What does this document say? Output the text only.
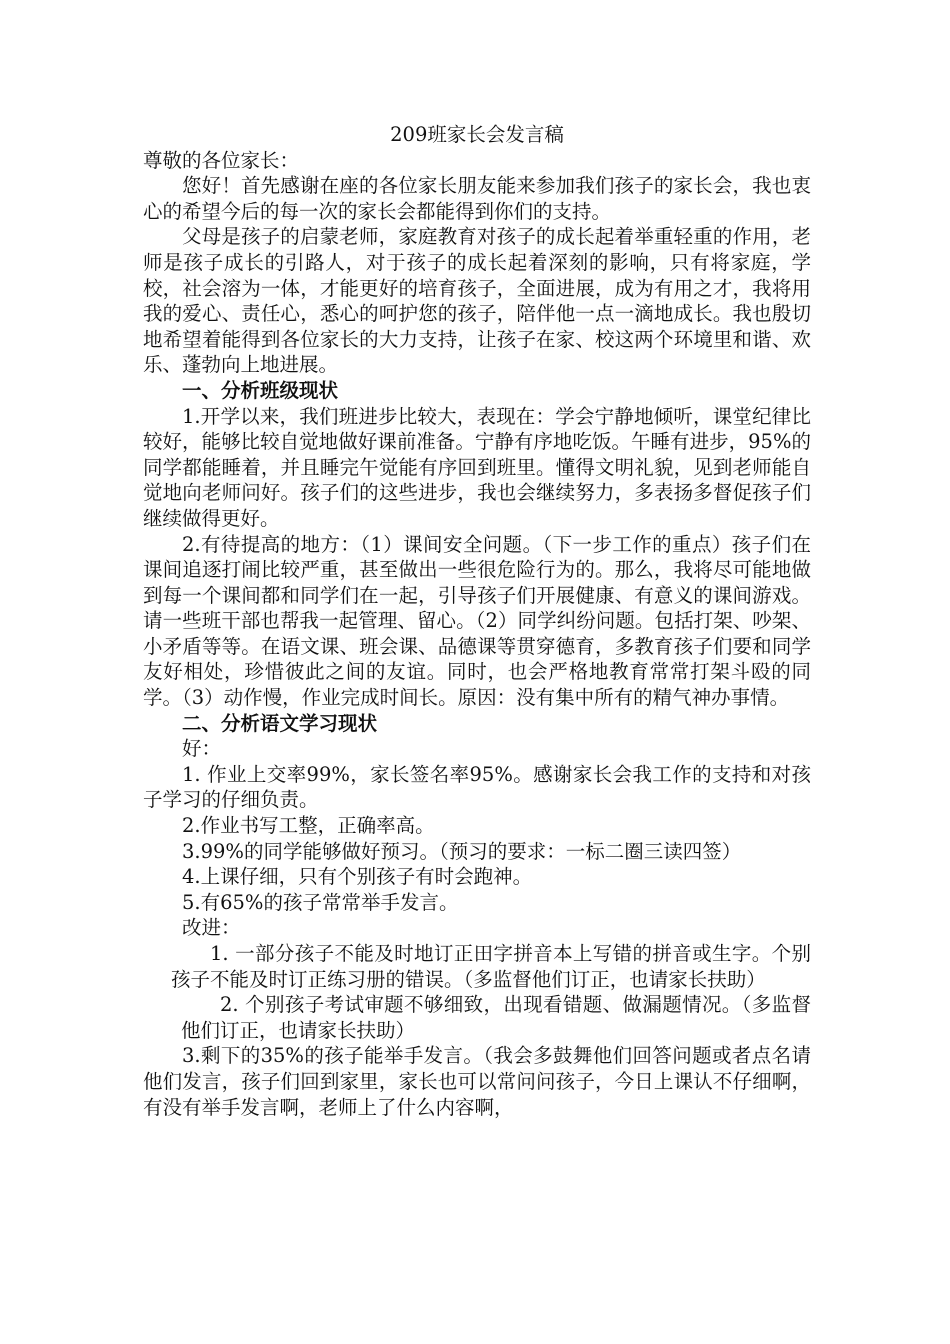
209班家长会发言稿

尊敬的各位家长：

您好！首先感谢在座的各位家长朋友能来参加我们孩子的家长会，我也衷心的希望今后的每一次的家长会都能得到你们的支持。

父母是孩子的启蒙老师，家庭教育对孩子的成长起着举重轻重的作用，老师是孩子成长的引路人，对于孩子的成长起着深刻的影响，只有将家庭，学校，社会溶为一体，才能更好的培育孩子，全面进展，成为有用之才，我将用我的爱心、责任心，悉心的呵护您的孩子，陪伴他一点一滴地成长。我也殷切地希望着能得到各位家长的大力支持，让孩子在家、校这两个环境里和谐、欢乐、蓬勃向上地进展。

一、分析班级现状

1.开学以来，我们班进步比较大，表现在：学会宁静地倾听，课堂纪律比较好，能够比较自觉地做好课前准备。宁静有序地吃饭。午睡有进步，95%的同学都能睡着，并且睡完午觉能有序回到班里。懂得文明礼貌，见到老师能自觉地向老师问好。孩子们的这些进步，我也会继续努力，多表扬多督促孩子们继续做得更好。

2.有待提高的地方：（1）课间安全问题。（下一步工作的重点）孩子们在课间追逐打闹比较严重，甚至做出一些很危险行为的。那么，我将尽可能地做到每一个课间都和同学们在一起，引导孩子们开展健康、有意义的课间游戏。请一些班干部也帮我一起管理、留心。（2）同学纠纷问题。包括打架、吵架、小矛盾等等。在语文课、班会课、品德课等贯穿德育，多教育孩子们要和同学友好相处，珍惜彼此之间的友谊。同时，也会严格地教育常常打架斗殴的同学。（3）动作慢，作业完成时间长。原因：没有集中所有的精气神办事情。

二、分析语文学习现状

好：

1. 作业上交率99%，家长签名率95%。感谢家长会我工作的支持和对孩子学习的仔细负责。

2.作业书写工整，正确率高。

3.99%的同学能够做好预习。（预习的要求：一标二圈三读四签）

4.上课仔细，只有个别孩子有时会跑神。

5.有65%的孩子常常举手发言。

改进：

1. 一部分孩子不能及时地订正田字拼音本上写错的拼音或生字。个别孩子不能及时订正练习册的错误。（多监督他们订正，也请家长扶助）

2. 个别孩子考试审题不够细致，出现看错题、做漏题情况。（多监督他们订正，也请家长扶助）

3.剩下的35%的孩子能举手发言。（我会多鼓舞他们回答问题或者点名请他们发言，孩子们回到家里，家长也可以常问问孩子，今日上课认不仔细啊，有没有举手发言啊，老师上了什么内容啊，
